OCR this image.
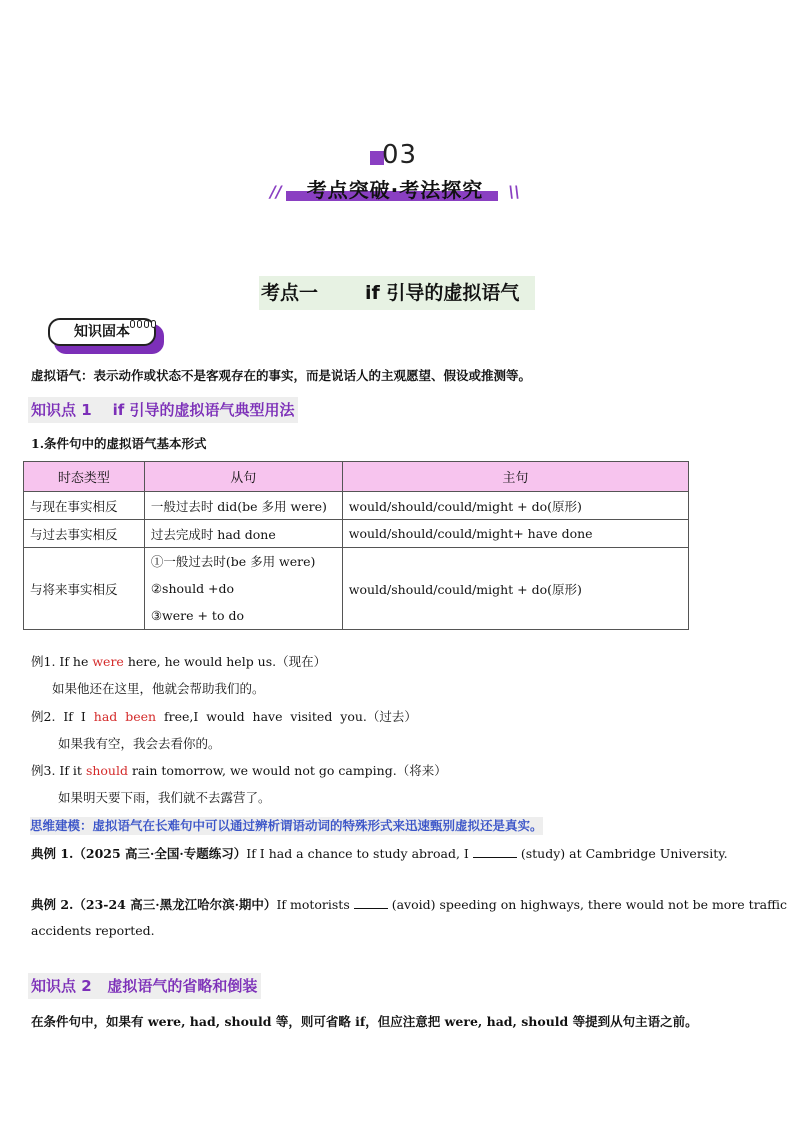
03
//	考点突破·考法探究	\\
考点一 if 引导的虚拟语气
知识固本
虚拟语气：表示动作或状态不是客观存在的事实，而是说话人的主观愿望、假设或推测等。
知识点 1 if 引导的虚拟语气典型用法
1.条件句中的虚拟语气基本形式
时态类型	从句	主句
与现在事实相反	一般过去时 did(be 多用 were)	would/should/could/might + do(原形)
与过去事实相反	过去完成时 had done	would/should/could/might+ have done
与将来事实相反	①一般过去时(be 多用 were)
②should +do
③were + to do	would/should/could/might + do(原形)
例1. If he were here, he would help us.（现在）
如果他还在这里，他就会帮助我们的。
例2.  If  I  had  been  free,I  would  have  visited  you.（过去）
如果我有空，我会去看你的。
例3. If it should rain tomorrow, we would not go camping.（将来）
如果明天要下雨，我们就不去露营了。
思维建模：虚拟语气在长难句中可以通过辨析谓语动词的特殊形式来迅速甄别虚拟还是真实。
典例 1.（2025 高三·全国·专题练习）If I had a chance to study abroad, I	(study) at Cambridge University.
典例 2.（23-24 高三·黑龙江哈尔滨·期中）If motorists	(avoid) speeding on highways, there would not be more traffic
accidents reported.
知识点 2 虚拟语气的省略和倒装
在条件句中，如果有 were, had, should 等，则可省略 if，但应注意把 were, had, should 等提到从句主语之前。
